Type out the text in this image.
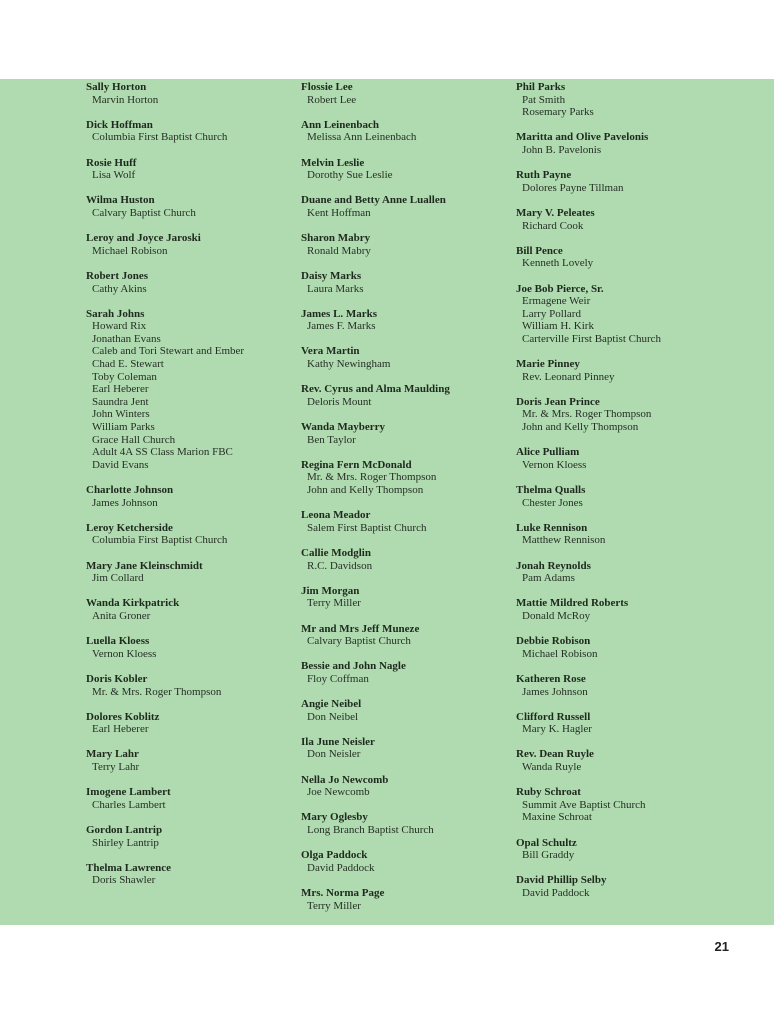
Sally Horton
Marvin Horton
Dick Hoffman
Columbia First Baptist Church
Rosie Huff
Lisa Wolf
Wilma Huston
Calvary Baptist Church
Leroy and Joyce Jaroski
Michael Robison
Robert Jones
Cathy Akins
Sarah Johns
Howard Rix
Jonathan Evans
Caleb and Tori Stewart and Ember
Chad E. Stewart
Toby Coleman
Earl Heberer
Saundra Jent
John Winters
William Parks
Grace Hall Church
Adult 4A SS Class Marion FBC
David Evans
Charlotte Johnson
James Johnson
Leroy Ketcherside
Columbia First Baptist Church
Mary Jane Kleinschmidt
Jim Collard
Wanda Kirkpatrick
Anita Groner
Luella Kloess
Vernon Kloess
Doris Kobler
Mr. & Mrs. Roger Thompson
Dolores Koblitz
Earl Heberer
Mary Lahr
Terry Lahr
Imogene Lambert
Charles Lambert
Gordon Lantrip
Shirley Lantrip
Thelma Lawrence
Doris Shawler
Flossie Lee
Robert Lee
Ann Leinenbach
Melissa Ann Leinenbach
Melvin Leslie
Dorothy Sue Leslie
Duane and Betty Anne Luallen
Kent Hoffman
Sharon Mabry
Ronald Mabry
Daisy Marks
Laura Marks
James L. Marks
James F. Marks
Vera Martin
Kathy Newingham
Rev. Cyrus and Alma Maulding
Deloris Mount
Wanda Mayberry
Ben Taylor
Regina Fern McDonald
Mr. & Mrs. Roger Thompson
John and Kelly Thompson
Leona Meador
Salem First Baptist Church
Callie Modglin
R.C. Davidson
Jim Morgan
Terry Miller
Mr and Mrs Jeff Muneze
Calvary Baptist Church
Bessie and John Nagle
Floy Coffman
Angie Neibel
Don Neibel
Ila June Neisler
Don Neisler
Nella Jo Newcomb
Joe Newcomb
Mary Oglesby
Long Branch Baptist Church
Olga Paddock
David Paddock
Mrs. Norma Page
Terry Miller
Phil Parks
Pat Smith
Rosemary Parks
Maritta and Olive Pavelonis
John B. Pavelonis
Ruth Payne
Dolores Payne Tillman
Mary V. Peleates
Richard Cook
Bill Pence
Kenneth Lovely
Joe Bob Pierce, Sr.
Ermagene Weir
Larry Pollard
William H. Kirk
Carterville First Baptist Church
Marie Pinney
Rev. Leonard Pinney
Doris Jean Prince
Mr. & Mrs. Roger Thompson
John and Kelly Thompson
Alice Pulliam
Vernon Kloess
Thelma Qualls
Chester Jones
Luke Rennison
Matthew Rennison
Jonah Reynolds
Pam Adams
Mattie Mildred Roberts
Donald McRoy
Debbie Robison
Michael Robison
Katheren Rose
James Johnson
Clifford Russell
Mary K. Hagler
Rev. Dean Ruyle
Wanda Ruyle
Ruby Schroat
Summit Ave Baptist Church
Maxine Schroat
Opal Schultz
Bill Graddy
David Phillip Selby
David Paddock
21
